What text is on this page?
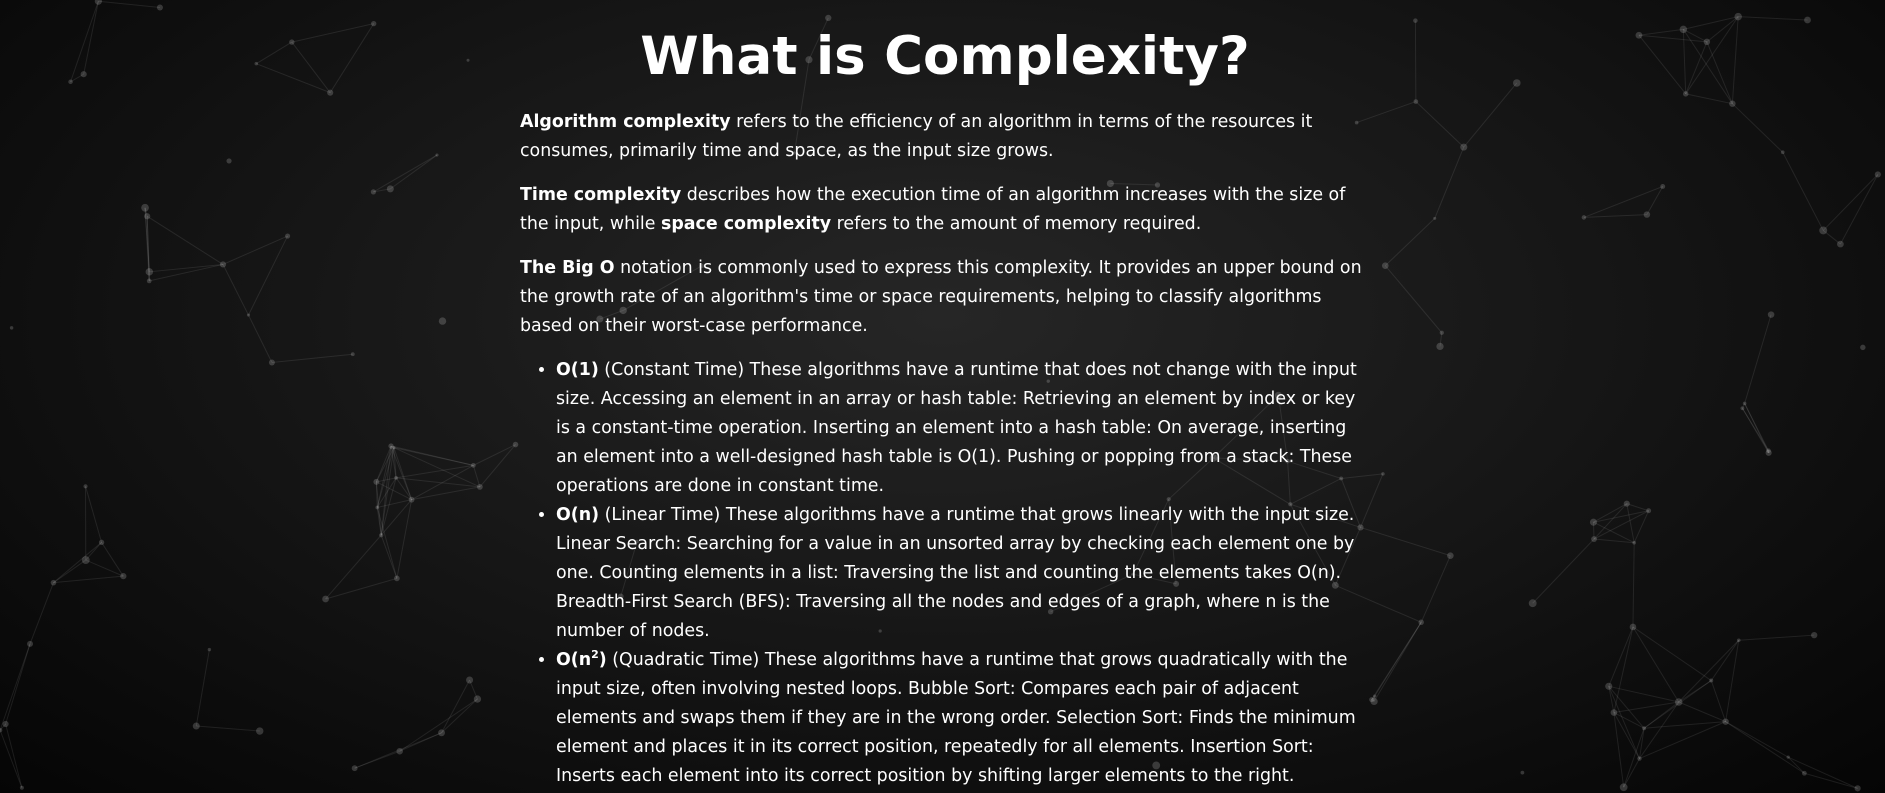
What is Complexity?

Algorithm complexity refers to the efficiency of an algorithm in terms of the resources it consumes, primarily time and space, as the input size grows.

Time complexity describes how the execution time of an algorithm increases with the size of the input, while space complexity refers to the amount of memory required.

The Big O notation is commonly used to express this complexity. It provides an upper bound on the growth rate of an algorithm's time or space requirements, helping to classify algorithms based on their worst-case performance.

• O(1) (Constant Time) These algorithms have a runtime that does not change with the input size. Accessing an element in an array or hash table: Retrieving an element by index or key is a constant-time operation. Inserting an element into a hash table: On average, inserting an element into a well-designed hash table is O(1). Pushing or popping from a stack: These operations are done in constant time.
• O(n) (Linear Time) These algorithms have a runtime that grows linearly with the input size. Linear Search: Searching for a value in an unsorted array by checking each element one by one. Counting elements in a list: Traversing the list and counting the elements takes O(n). Breadth-First Search (BFS): Traversing all the nodes and edges of a graph, where n is the number of nodes.
• $O(n^2)$ (Quadratic Time) These algorithms have a runtime that grows quadratically with the input size, often involving nested loops. Bubble Sort: Compares each pair of adjacent elements and swaps them if they are in the wrong order. Selection Sort: Finds the minimum element and places it in its correct position, repeatedly for all elements. Insertion Sort: Inserts each element into its correct position by shifting larger elements to the right.
